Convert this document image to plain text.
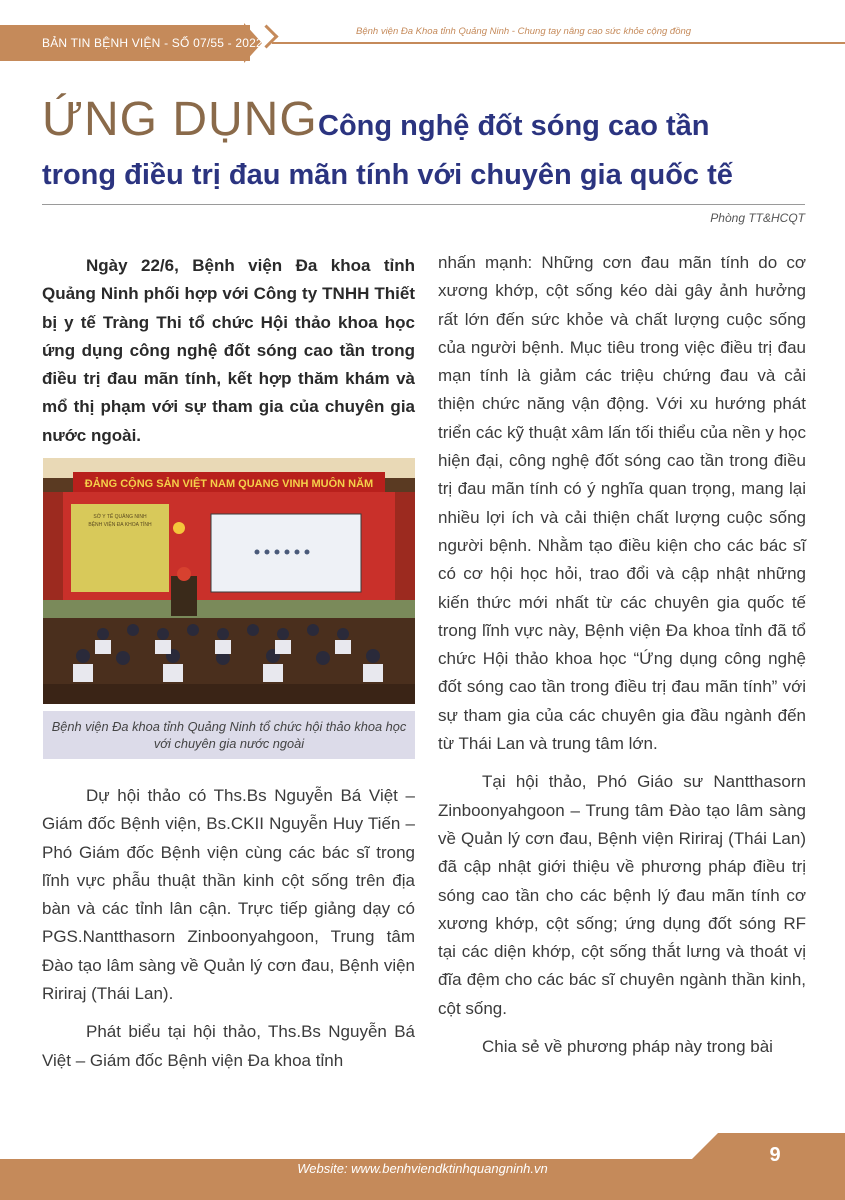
BẢN TIN BỆNH VIỆN - SỐ 07/55 - 2022
Bệnh viện Đa Khoa tỉnh Quảng Ninh - Chung tay nâng cao sức khỏe cộng đồng
ỨNG DỤNG Công nghệ đốt sóng cao tần
trong điều trị đau mãn tính với chuyên gia quốc tế
Phòng TT&HCQT

Ngày 22/6, Bệnh viện Đa khoa tỉnh Quảng Ninh phối hợp với Công ty TNHH Thiết bị y tế Tràng Thi tổ chức Hội thảo khoa học ứng dụng công nghệ đốt sóng cao tần trong điều trị đau mãn tính, kết hợp thăm khám và mổ thị phạm với sự tham gia của chuyên gia nước ngoài.

ĐẢNG CỘNG SẢN VIỆT NAM QUANG VINH MUÔN NĂM
SỞ Y TẾ QUẢNG NINH
BỆNH VIỆN ĐA KHOA TỈNH

Bệnh viện Đa khoa tỉnh Quảng Ninh tổ chức hội thảo khoa học với chuyên gia nước ngoài

Dự hội thảo có Ths.Bs Nguyễn Bá Việt – Giám đốc Bệnh viện, Bs.CKII Nguyễn Huy Tiến – Phó Giám đốc Bệnh viện cùng các bác sĩ trong lĩnh vực phẫu thuật thần kinh cột sống trên địa bàn và các tỉnh lân cận. Trực tiếp giảng dạy có PGS.Nantthasorn Zinboonyahgoon, Trung tâm Đào tạo lâm sàng về Quản lý cơn đau, Bệnh viện Ririraj (Thái Lan).

Phát biểu tại hội thảo, Ths.Bs Nguyễn Bá Việt – Giám đốc Bệnh viện Đa khoa tỉnh

nhấn mạnh: Những cơn đau mãn tính do cơ xương khớp, cột sống kéo dài gây ảnh hưởng rất lớn đến sức khỏe và chất lượng cuộc sống của người bệnh. Mục tiêu trong việc điều trị đau mạn tính là giảm các triệu chứng đau và cải thiện chức năng vận động. Với xu hướng phát triển các kỹ thuật xâm lấn tối thiểu của nền y học hiện đại, công nghệ đốt sóng cao tần trong điều trị đau mãn tính có ý nghĩa quan trọng, mang lại nhiều lợi ích và cải thiện chất lượng cuộc sống người bệnh. Nhằm tạo điều kiện cho các bác sĩ có cơ hội học hỏi, trao đổi và cập nhật những kiến thức mới nhất từ các chuyên gia quốc tế trong lĩnh vực này, Bệnh viện Đa khoa tỉnh đã tổ chức Hội thảo khoa học “Ứng dụng công nghệ đốt sóng cao tần trong điều trị đau mãn tính” với sự tham gia của các chuyên gia đầu ngành đến từ Thái Lan và trung tâm lớn.

Tại hội thảo, Phó Giáo sư Nantthasorn Zinboonyahgoon – Trung tâm Đào tạo lâm sàng về Quản lý cơn đau, Bệnh viện Ririraj (Thái Lan) đã cập nhật giới thiệu về phương pháp điều trị sóng cao tần cho các bệnh lý đau mãn tính cơ xương khớp, cột sống; ứng dụng đốt sóng RF tại các diện khớp, cột sống thắt lưng và thoát vị đĩa đệm cho các bác sĩ chuyên ngành thần kinh, cột sống.

Chia sẻ về phương pháp này trong bài

9
Website: www.benhviendktinhquangninh.vn
